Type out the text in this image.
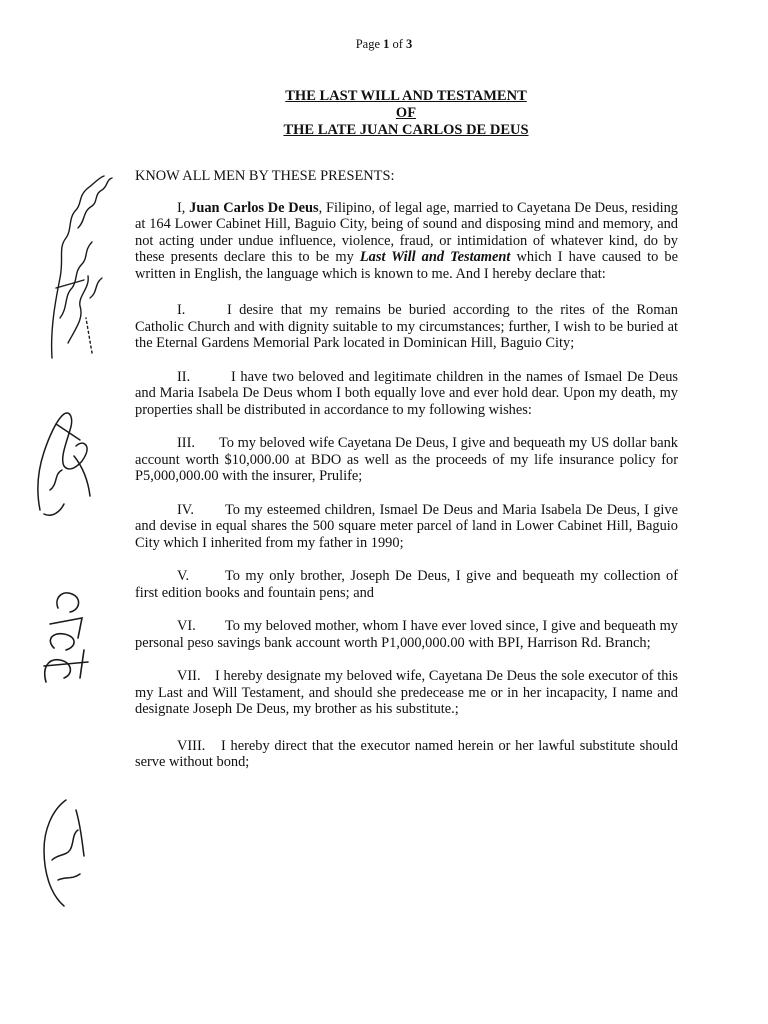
Page 1 of 3
THE LAST WILL AND TESTAMENT
OF
THE LATE JUAN CARLOS DE DEUS

KNOW ALL MEN BY THESE PRESENTS:

I, Juan Carlos De Deus, Filipino, of legal age, married to Cayetana De Deus, residing at 164 Lower Cabinet Hill, Baguio City, being of sound and disposing mind and memory, and not acting under undue influence, violence, fraud, or intimidation of whatever kind, do by these presents declare this to be my Last Will and Testament which I have caused to be written in English, the language which is known to me. And I hereby declare that:

I.	I desire that my remains be buried according to the rites of the Roman Catholic Church and with dignity suitable to my circumstances; further, I wish to be buried at the Eternal Gardens Memorial Park located in Dominican Hill, Baguio City;

II.	I have two beloved and legitimate children in the names of Ismael De Deus and Maria Isabela De Deus whom I both equally love and ever hold dear. Upon my death, my properties shall be distributed in accordance to my following wishes:

III. To my beloved wife Cayetana De Deus, I give and bequeath my US dollar bank account worth $10,000.00 at BDO as well as the proceeds of my life insurance policy for P5,000,000.00 with the insurer, Prulife;

IV. To my esteemed children, Ismael De Deus and Maria Isabela De Deus, I give and devise in equal shares the 500 square meter parcel of land in Lower Cabinet Hill, Baguio City which I inherited from my father in 1990;

V. To my only brother, Joseph De Deus, I give and bequeath my collection of first edition books and fountain pens; and

VI. To my beloved mother, whom I have ever loved since, I give and bequeath my personal peso savings bank account worth P1,000,000.00 with BPI, Harrison Rd. Branch;

VII. I hereby designate my beloved wife, Cayetana De Deus the sole executor of this my Last and Will Testament, and should she predecease me or in her incapacity, I name and designate Joseph De Deus, my brother as his substitute.;

VIII. I hereby direct that the executor named herein or her lawful substitute should serve without bond;
